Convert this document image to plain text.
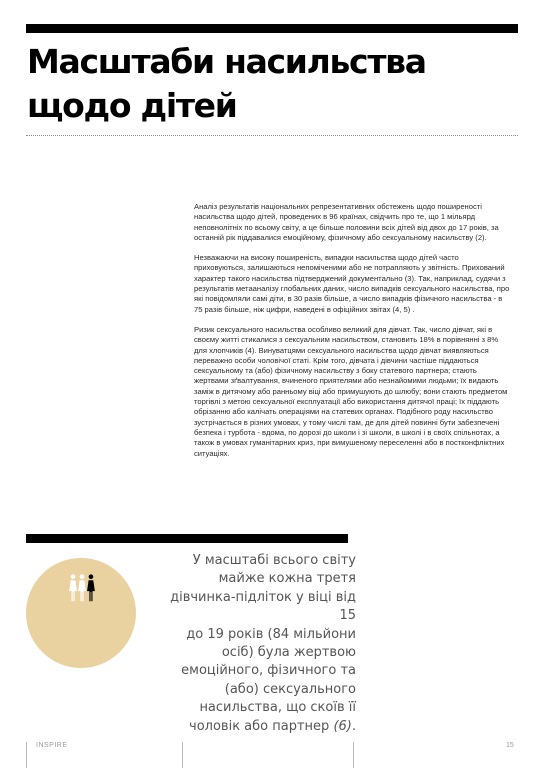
Масштаби насильства
щодо дітей

Аналіз результатів національних репрезентативних обстежень щодо поширеності насильства щодо дітей, проведених в 96 країнах, свідчить про те, що 1 мільярд неповнолітніх по всьому світу, а це більше половини всіх дітей від двох до 17 років, за останній рік піддавалися емоційному, фізичному або сексуальному насильству (2).

Незважаючи на високу поширеність, випадки насильства щодо дітей часто приховуються, залишаються непоміченими або не потрапляють у звітність. Прихований характер такого насильства підтверджений документально (3). Так, наприклад, судячи з результатів метааналізу глобальних даних, число випадків сексуального насильства, про які повідомляли самі діти, в 30 разів більше, а число випадків фізичного насильства - в 75 разів більше, ніж цифри, наведені в офіційних звітах (4, 5) .

Ризик сексуального насильства особливо великий для дівчат. Так, число дівчат, які в своєму житті стикалися з сексуальним насильством, становить 18% в порівнянні з 8% для хлопчиків (4). Винуватцями сексуального насильства щодо дівчат виявляються переважно особи чоловічої статі. Крім того, дівчата і дівчини частіше піддаються сексуальному та (або) фізичному насильству з боку статевого партнера; стають жертвами зґвалтування, вчиненого приятелями або незнайомими людьми; їх видають заміж в дитячому або ранньому віці або примушують до шлюбу; вони стають предметом торгівлі з метою сексуальної експлуатації або використання дитячої праці; їх піддають обрізанню або калічать операціями на статевих органах. Подібного роду насильство зустрічається в різних умовах, у тому числі там, де для дітей повинні бути забезпечені безпека і турбота - вдома, по дорозі до школи і зі школи, в школі і в своїх спільнотах, а також в умовах гуманітарних криз, при вимушеному переселенні або в постконфліктних ситуаціях.

У масштабі всього світу
майже кожна третя
дівчинка-підліток у віці від 15
до 19 років (84 мільйони
осіб) була жертвою
емоційного, фізичного та
(або) сексуального
насильства, що скоїв її
чоловік або партнер (6).
INSPIRE	15
